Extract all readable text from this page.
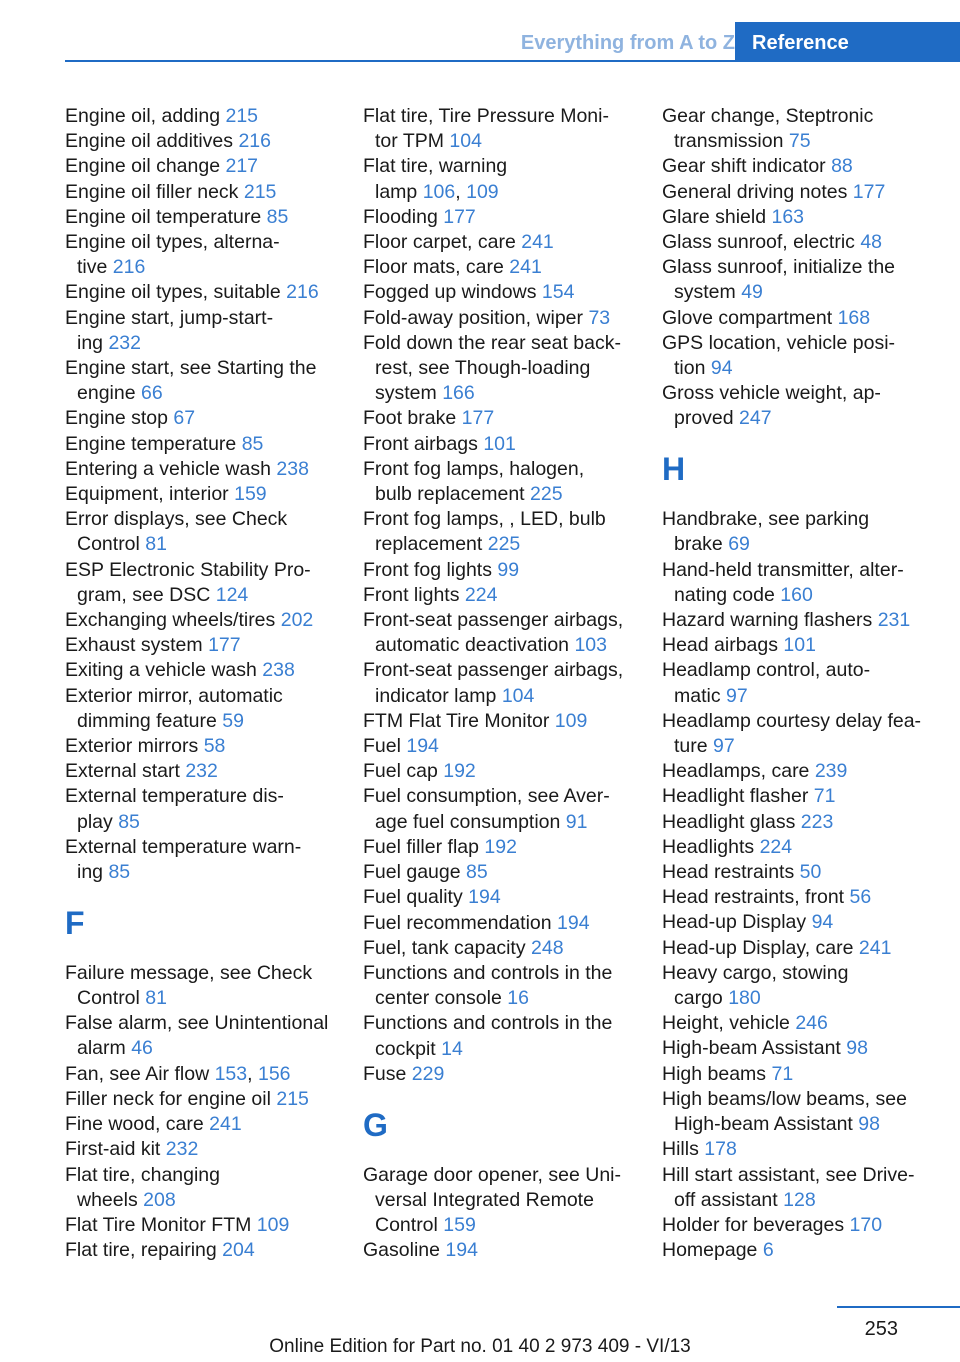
Everything from A to Z Reference
Engine oil, adding 215
Engine oil additives 216
Engine oil change 217
Engine oil filler neck 215
Engine oil temperature 85
Engine oil types, alterna-
tive 216
Engine oil types, suitable 216
Engine start, jump-start-
ing 232
Engine start, see Starting the
engine 66
Engine stop 67
Engine temperature 85
Entering a vehicle wash 238
Equipment, interior 159
Error displays, see Check
Control 81
ESP Electronic Stability Pro-
gram, see DSC 124
Exchanging wheels/tires 202
Exhaust system 177
Exiting a vehicle wash 238
Exterior mirror, automatic
dimming feature 59
Exterior mirrors 58
External start 232
External temperature dis-
play 85
External temperature warn-
ing 85
F
Failure message, see Check
Control 81
False alarm, see Unintentional
alarm 46
Fan, see Air flow 153, 156
Filler neck for engine oil 215
Fine wood, care 241
First-aid kit 232
Flat tire, changing
wheels 208
Flat Tire Monitor FTM 109
Flat tire, repairing 204
Flat tire, Tire Pressure Moni-
tor TPM 104
Flat tire, warning
lamp 106, 109
Flooding 177
Floor carpet, care 241
Floor mats, care 241
Fogged up windows 154
Fold-away position, wiper 73
Fold down the rear seat back-
rest, see Though-loading
system 166
Foot brake 177
Front airbags 101
Front fog lamps, halogen,
bulb replacement 225
Front fog lamps, , LED, bulb
replacement 225
Front fog lights 99
Front lights 224
Front-seat passenger airbags,
automatic deactivation 103
Front-seat passenger airbags,
indicator lamp 104
FTM Flat Tire Monitor 109
Fuel 194
Fuel cap 192
Fuel consumption, see Aver-
age fuel consumption 91
Fuel filler flap 192
Fuel gauge 85
Fuel quality 194
Fuel recommendation 194
Fuel, tank capacity 248
Functions and controls in the
center console 16
Functions and controls in the
cockpit 14
Fuse 229
G
Garage door opener, see Uni-
versal Integrated Remote
Control 159
Gasoline 194
Gear change, Steptronic
transmission 75
Gear shift indicator 88
General driving notes 177
Glare shield 163
Glass sunroof, electric 48
Glass sunroof, initialize the
system 49
Glove compartment 168
GPS location, vehicle posi-
tion 94
Gross vehicle weight, ap-
proved 247
H
Handbrake, see parking
brake 69
Hand-held transmitter, alter-
nating code 160
Hazard warning flashers 231
Head airbags 101
Headlamp control, auto-
matic 97
Headlamp courtesy delay fea-
ture 97
Headlamps, care 239
Headlight flasher 71
Headlight glass 223
Headlights 224
Head restraints 50
Head restraints, front 56
Head-up Display 94
Head-up Display, care 241
Heavy cargo, stowing
cargo 180
Height, vehicle 246
High-beam Assistant 98
High beams 71
High beams/low beams, see
High-beam Assistant 98
Hills 178
Hill start assistant, see Drive-
off assistant 128
Holder for beverages 170
Homepage 6
253
Online Edition for Part no. 01 40 2 973 409 - VI/13
